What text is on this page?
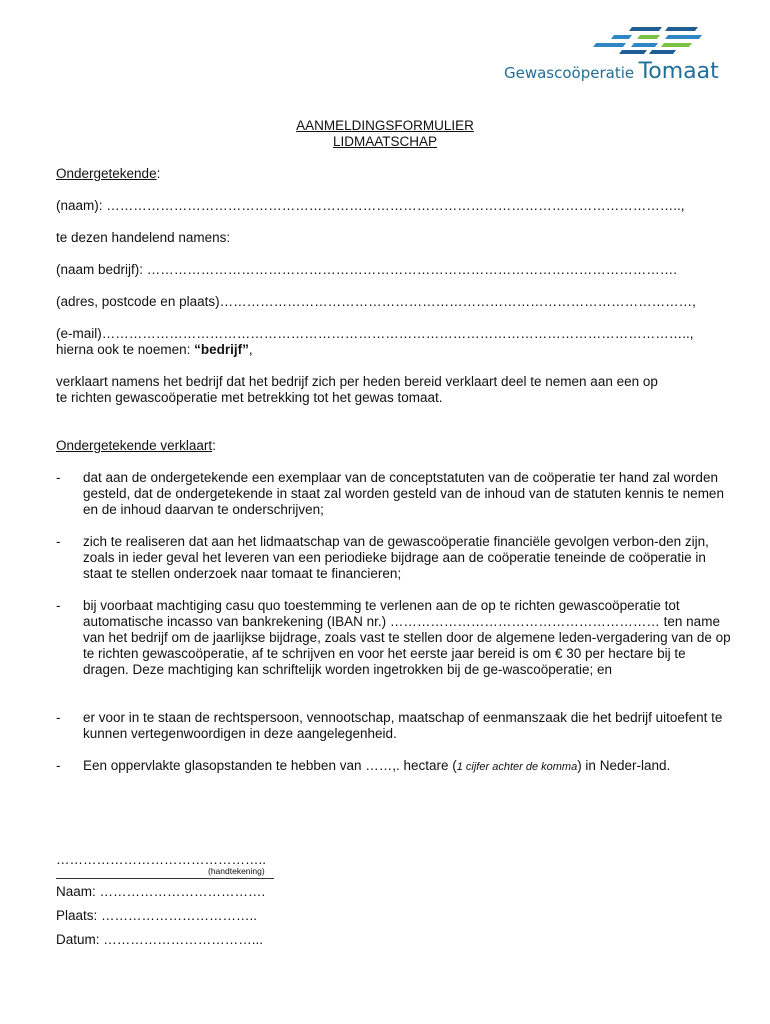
Gewascoöperatie Tomaat
AANMELDINGSFORMULIER
LIDMAATSCHAP
Ondergetekende:
(naam): ………………………………………………………………………………………………………………..,
te dezen handelend namens:
(naam bedrijf): ……………………………………………………………………………………………………….
(adres, postcode en plaats)……………………………………………………………………………………………,
(e-mail)…………………………………………………………………………………………………………………..,
hierna ook te noemen: “bedrijf”,
verklaart namens het bedrijf dat het bedrijf zich per heden bereid verklaart deel te nemen aan een op
te richten gewascoöperatie met betrekking tot het gewas tomaat.
Ondergetekende verklaart:
- dat aan de ondergetekende een exemplaar van de conceptstatuten van de coöperatie ter hand zal worden gesteld, dat de ondergetekende in staat zal worden gesteld van de inhoud van de statuten kennis te nemen en de inhoud daarvan te onderschrijven;
- zich te realiseren dat aan het lidmaatschap van de gewascoöperatie financiële gevolgen verbon-den zijn, zoals in ieder geval het leveren van een periodieke bijdrage aan de coöperatie teneinde de coöperatie in staat te stellen onderzoek naar tomaat te financieren;
- bij voorbaat machtiging casu quo toestemming te verlenen aan de op te richten gewascoöperatie tot automatische incasso van bankrekening (IBAN nr.) …………………………………………………… ten name van het bedrijf om de jaarlijkse bijdrage, zoals vast te stellen door de algemene leden-vergadering van de op te richten gewascoöperatie, af te schrijven en voor het eerste jaar bereid is om € 30 per hectare bij te dragen. Deze machtiging kan schriftelijk worden ingetrokken bij de ge-wascoöperatie; en
- er voor in te staan de rechtspersoon, vennootschap, maatschap of eenmanszaak die het bedrijf uitoefent te kunnen vertegenwoordigen in deze aangelegenheid.
- Een oppervlakte glasopstanden te hebben van ……,. hectare (1 cijfer achter de komma) in Neder-land.
………………………………………..
(handtekening)
Naam: ……………………………….
Plaats: ……………………………..
Datum: ……………………………...
